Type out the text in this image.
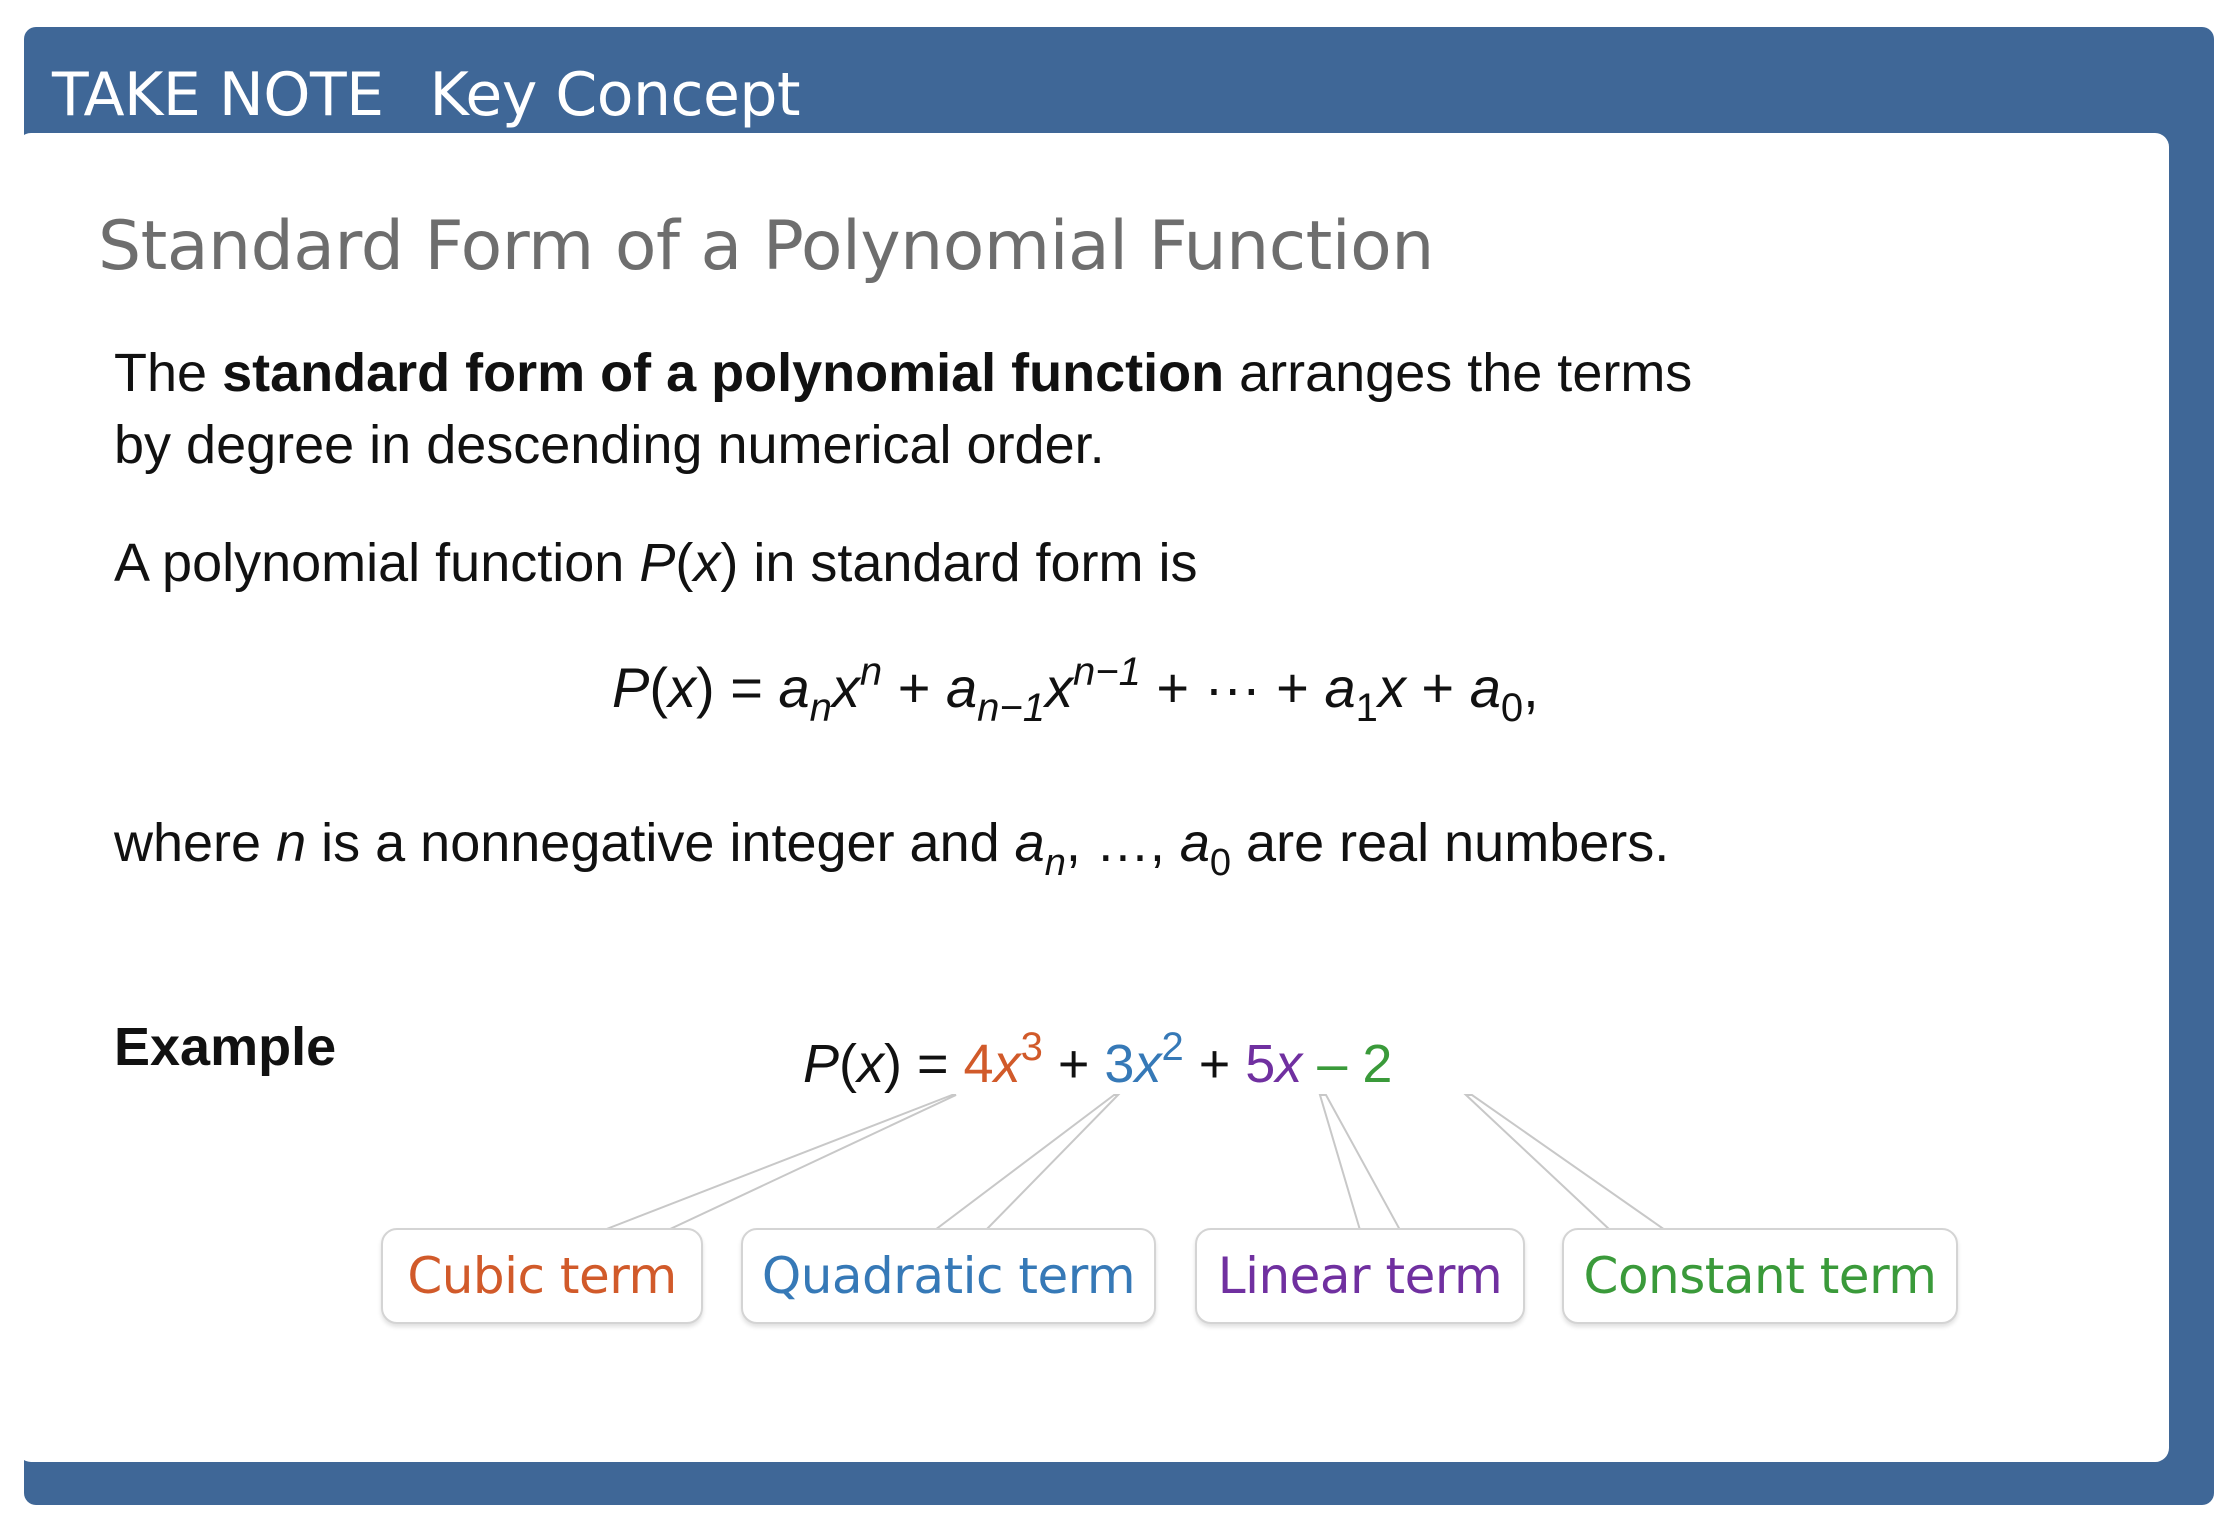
TAKE NOTE Key Concept
Standard Form of a Polynomial Function
The standard form of a polynomial function arranges the terms
by degree in descending numerical order.
A polynomial function P(x) in standard form is
$P(x) = a_nx^n + a_{n-1}x^{n-1}$ + ··· + $a_1x + a_0$,
where n is a nonnegative integer and $a_n$, …, $a_0$ are real numbers.
Example	$P(x) = 4x^3 + 3x^2 + 5x - 2$
Cubic term	Quadratic term	Linear term	Constant term
